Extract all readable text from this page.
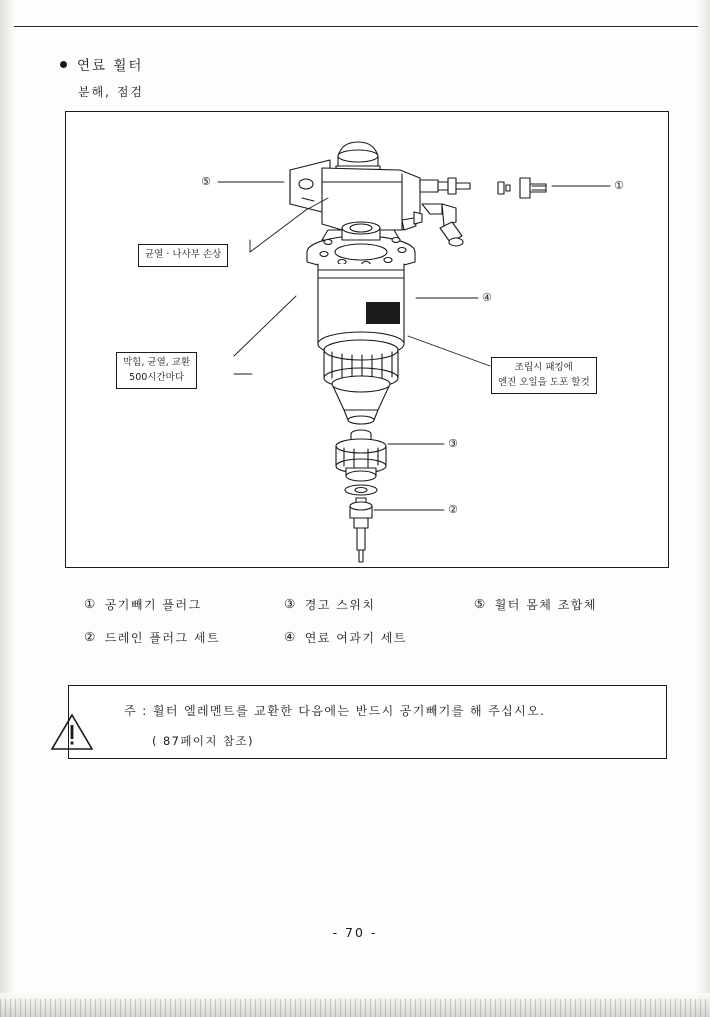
연료 휠터
분해, 점검
⑤	①
④
③
②
균열 · 나사부 손상
막힘, 균열, 교환
500시간마다
조립시 패킹에
엔진 오일을 도포 할것
① 공기빼기 플러그	③ 경고 스위치	⑤ 휠터 몸체 조합체
② 드레인 플러그 세트	④ 연료 여과기 세트
주 : 휠터 엘레멘트를 교환한 다음에는 반드시 공기빼기를 해 주십시오.
( 87페이지 참조)
- 70 -
